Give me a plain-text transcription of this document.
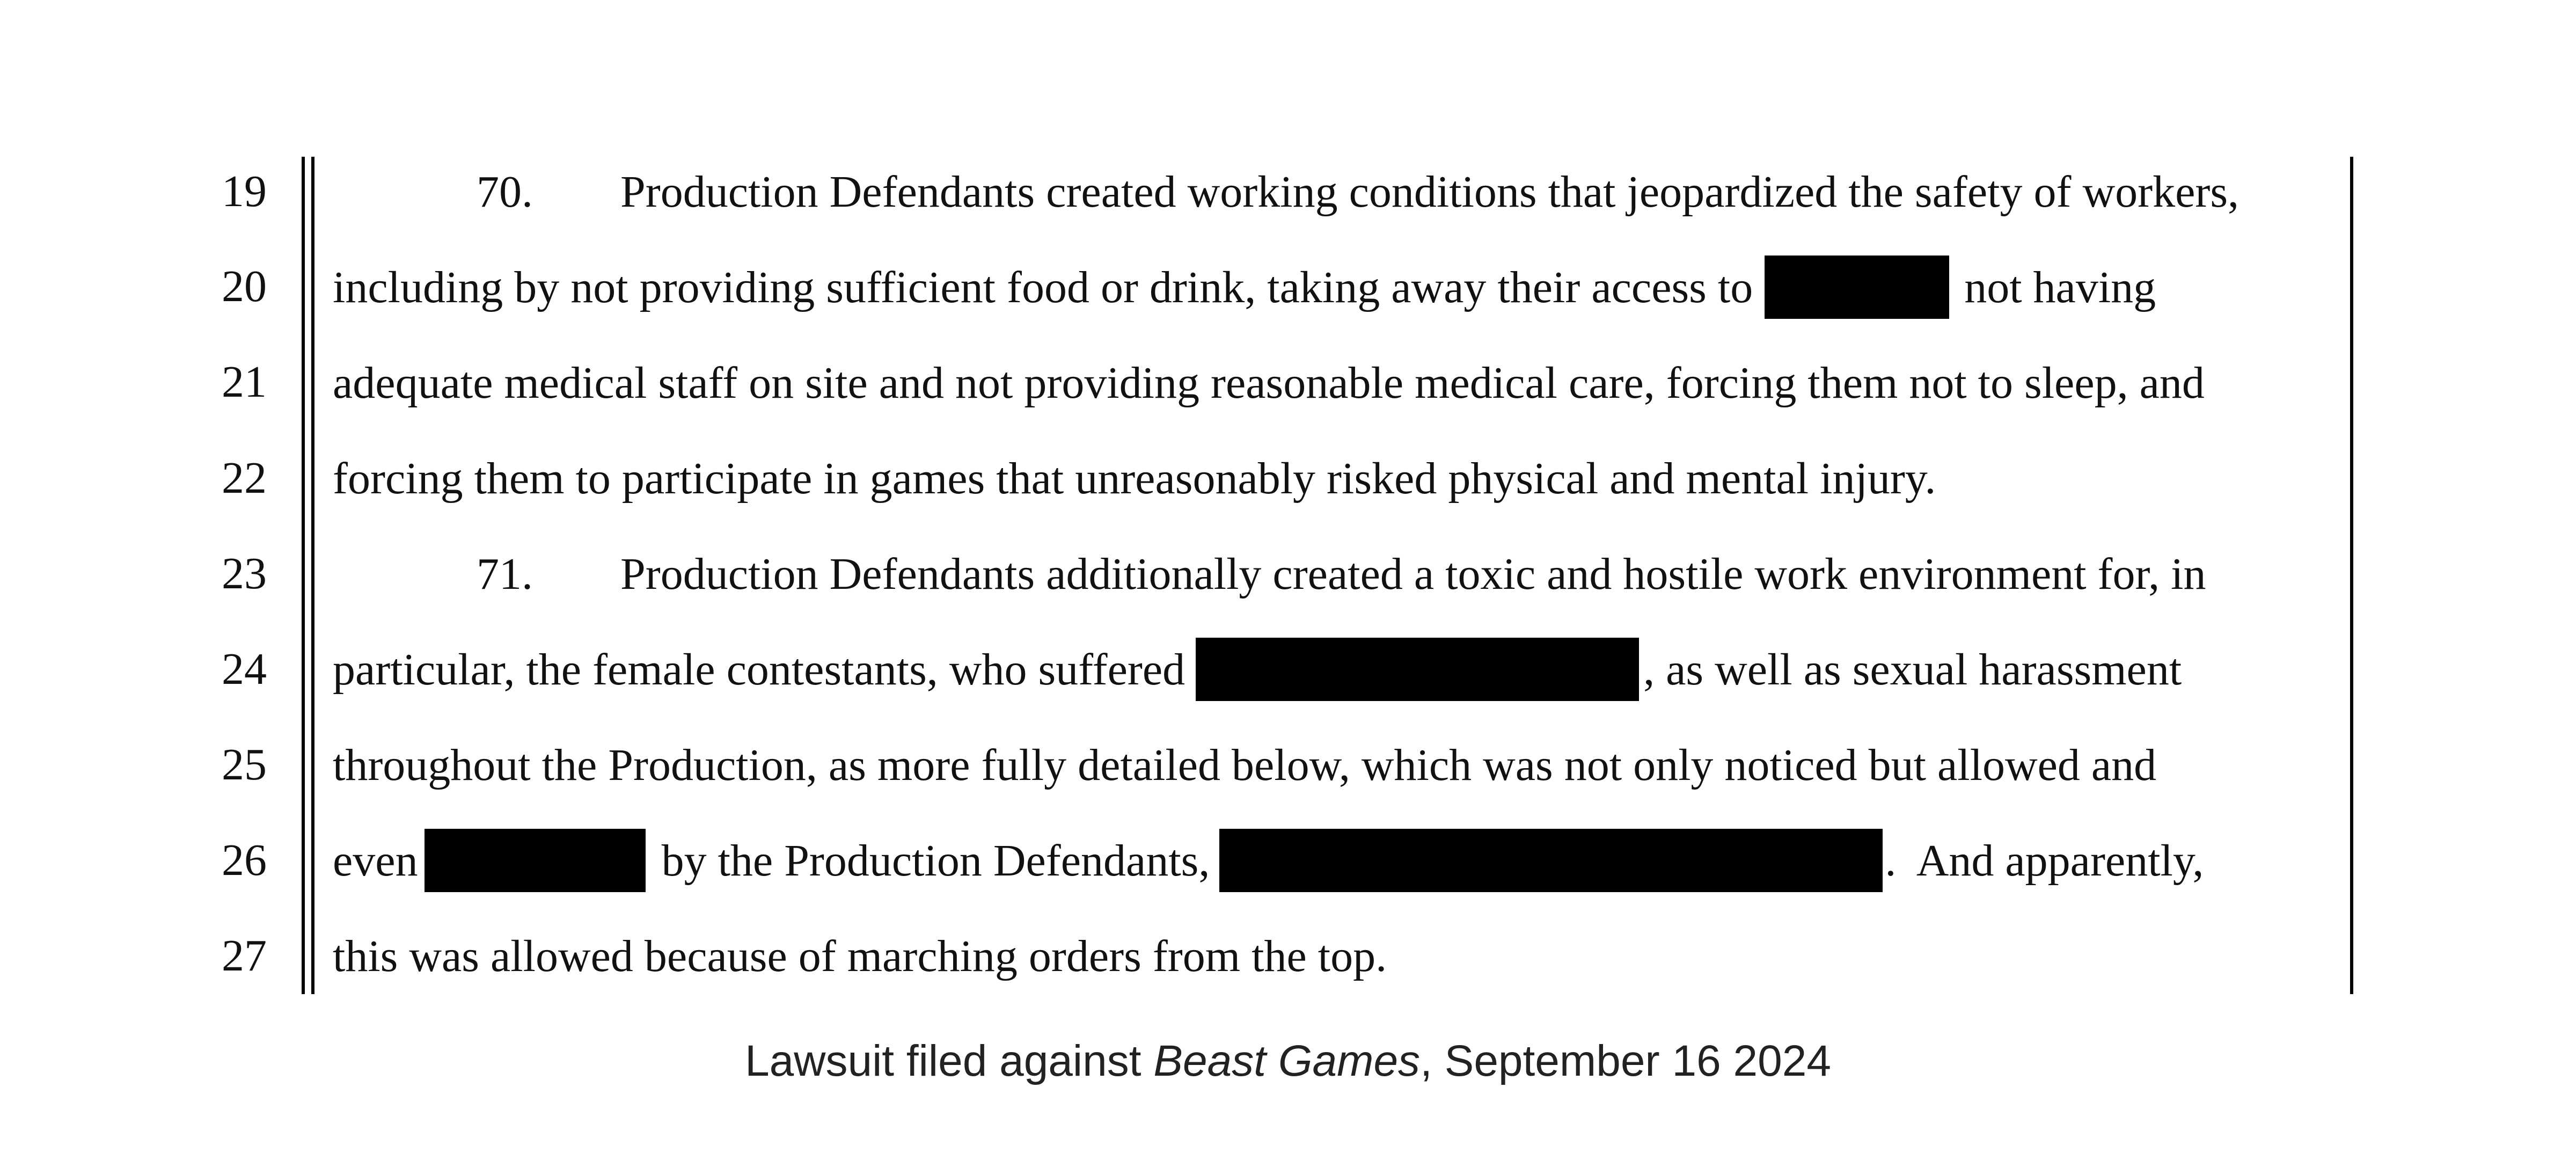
19
20
21
22
23
24
25
26
27
70.	Production Defendants created working conditions that jeopardized the safety of workers,
including by not providing sufficient food or drink, taking away their access to	not having
adequate medical staff on site and not providing reasonable medical care, forcing them not to sleep, and
forcing them to participate in games that unreasonably risked physical and mental injury.
71.	Production Defendants additionally created a toxic and hostile work environment for, in
particular, the female contestants, who suffered	, as well as sexual harassment
throughout the Production, as more fully detailed below, which was not only noticed but allowed and
even	by the Production Defendants,	.  And apparently,
this was allowed because of marching orders from the top.
Lawsuit filed against Beast Games, September 16 2024
